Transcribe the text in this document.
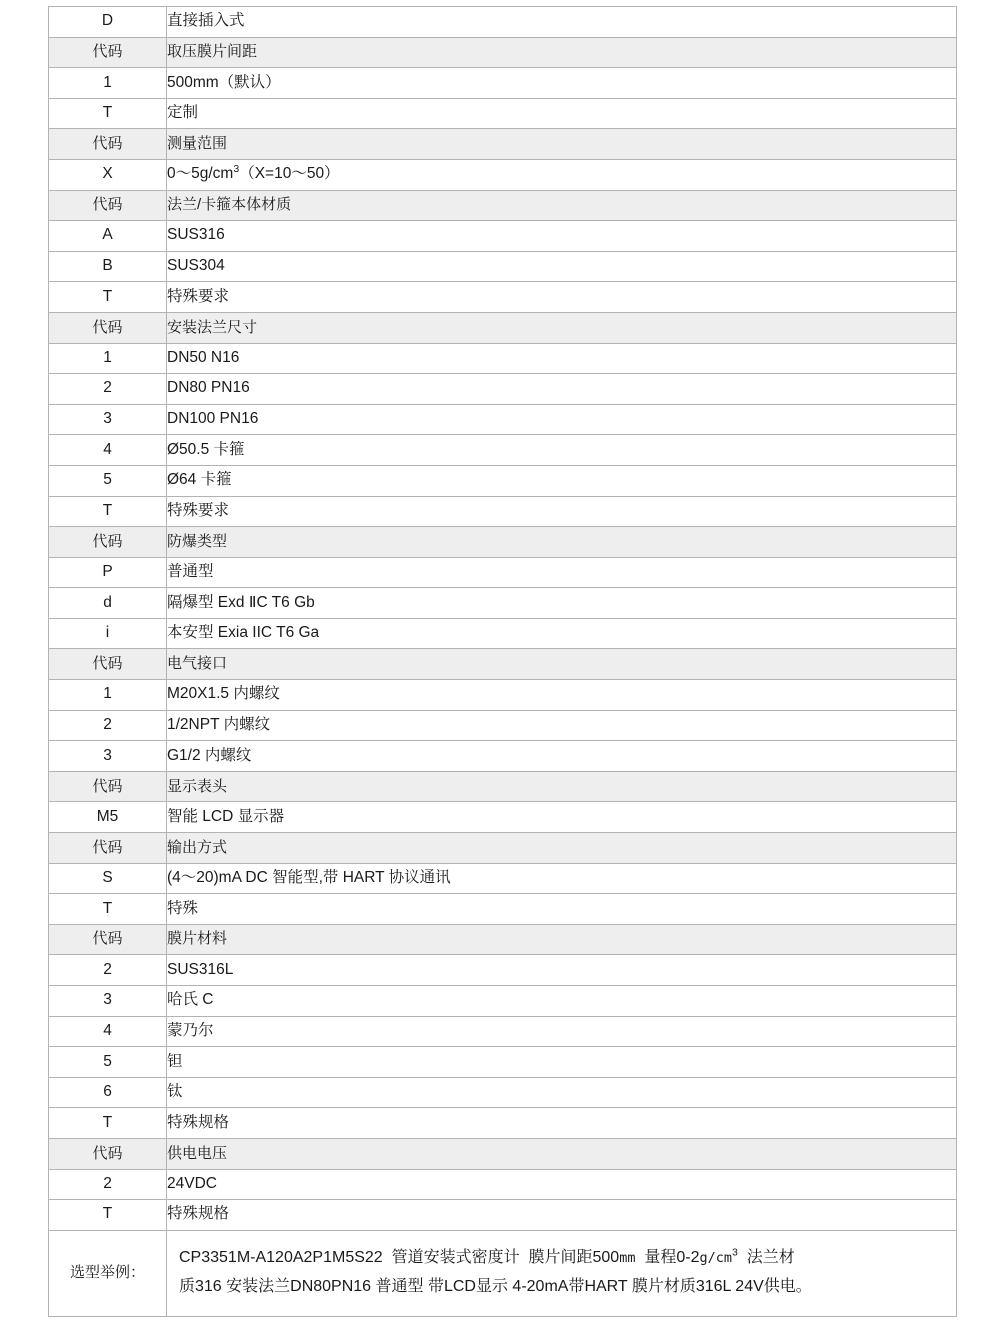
D	直接插入式
代码	取压膜片间距
1	500mm（默认）
T	定制
代码	测量范围
X	$0\sim 5g/cm^3(X=10\sim 50)$
代码	法兰/卡箍本体材质
A	SUS316
B	SUS304
T	特殊要求
代码	安装法兰尺寸
1	DN50 N16
2	DN80 PN16
3	DN100 PN16
4	Ø50.5 卡箍
5	Ø64 卡箍
T	特殊要求
代码	防爆类型
P	普通型
d	隔爆型 Exd ⅡC T6 Gb
i	本安型 Exia IIC T6 Ga
代码	电气接口
1	M20X1.5 内螺纹
2	1/2NPT 内螺纹
3	G1/2 内螺纹
代码	显示表头
M5	智能 LCD 显示器
代码	输出方式
S	(4～20)mA DC 智能型,带 HART 协议通讯
T	特殊
代码	膜片材料
2	SUS316L
3	哈氏 C
4	蒙乃尔
5	钽
6	钛
T	特殊规格
代码	供电电压
2	24VDC
T	特殊规格
选型举例：	CP3351M-A120A2P1M5S22 管道安装式密度计 膜片间距500mm 量程$0-2g/cm^3$ 法兰材
质316 安装法兰DN80PN16 普通型 带LCD显示 4-20mA带HART 膜片材质316L 24V供电。
